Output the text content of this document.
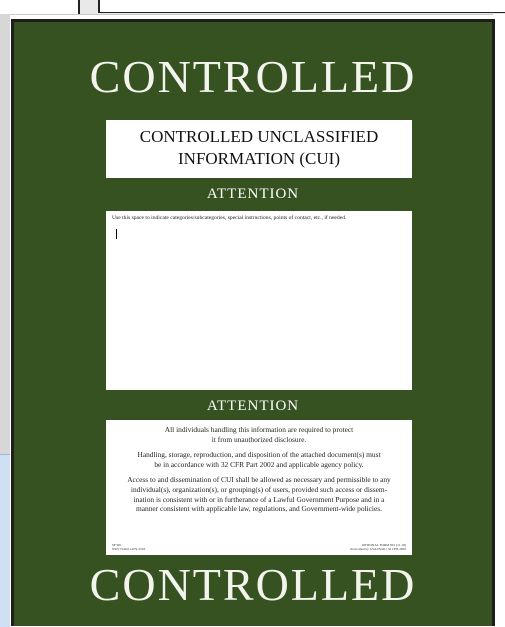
CONTROLLED
CONTROLLED UNCLASSIFIED
INFORMATION (CUI)
ATTENTION

Use this space to indicate categories/subcategories, special instructions, points of contact, etc., if needed.

ATTENTION

All individuals handling this information are required to protect
it from unauthorized disclosure.

Handling, storage, reproduction, and disposition of the attached document(s) must
be in accordance with 32 CFR Part 2002 and applicable agency policy.

Access to and dissemination of CUI shall be allowed as necessary and permissible to any
individual(s), organization(s), or grouping(s) of users, provided such access or dissem-
ination is consistent with or in furtherance of a Lawful Government Purpose and in a
manner consistent with applicable law, regulations, and Government-wide policies.

SF 901
NSN 7540-01-679-3318
OPTIONAL FORM 901 (11-18)
Prescribed by GSA/ISOO | 32 CFR 2002
CONTROLLED
